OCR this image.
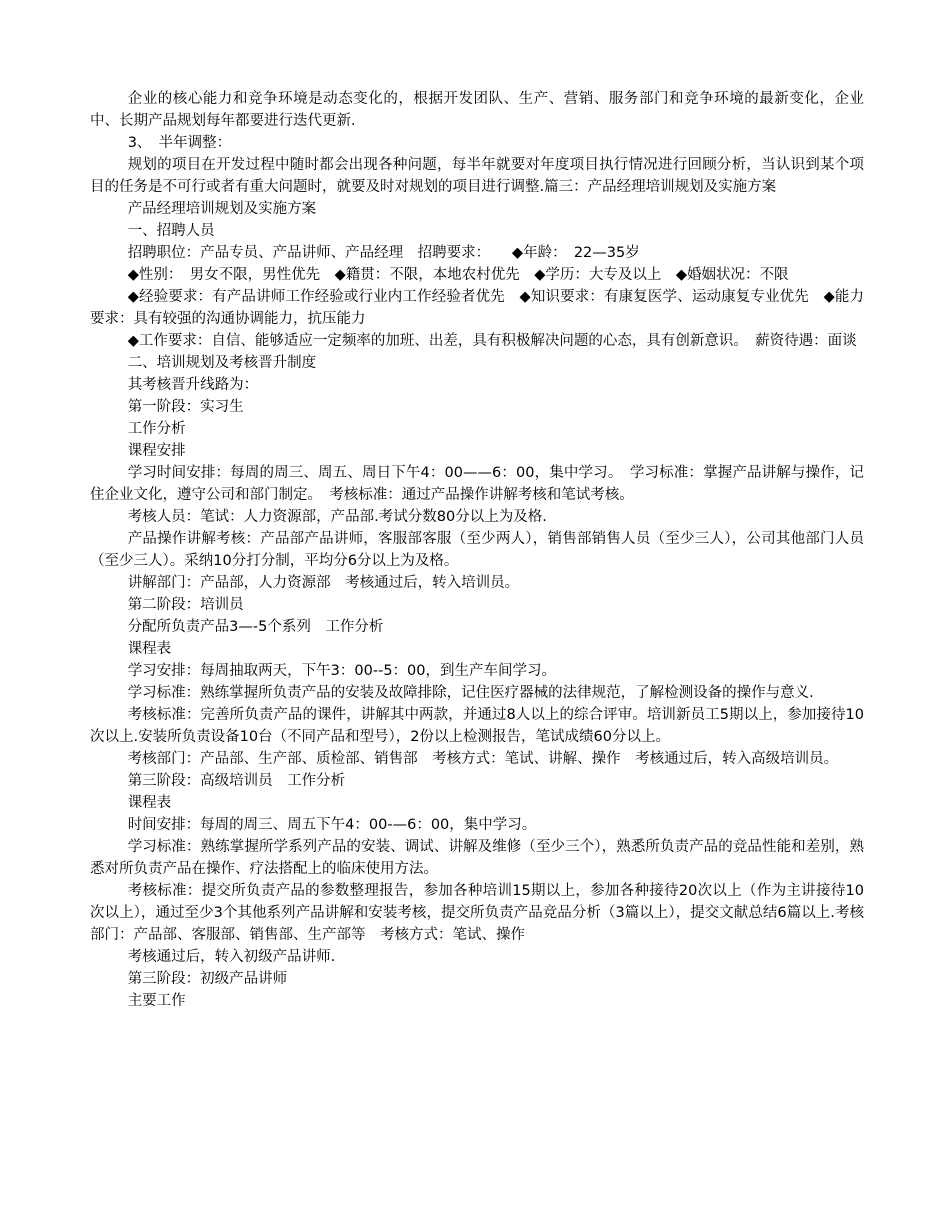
企业的核心能力和竞争环境是动态变化的，根据开发团队、生产、营销、服务部门和竞争环境的最新变化，企业中、长期产品规划每年都要进行迭代更新.

3、　半年调整：

规划的项目在开发过程中随时都会出现各种问题，每半年就要对年度项目执行情况进行回顾分析，当认识到某个项目的任务是不可行或者有重大问题时，就要及时对规划的项目进行调整.篇三：产品经理培训规划及实施方案

产品经理培训规划及实施方案

一、招聘人员

招聘职位：产品专员、产品讲师、产品经理　招聘要求：　　◆年龄：　22—35岁

◆性别：　男女不限，男性优先　◆籍贯：不限，本地农村优先　◆学历：大专及以上　◆婚姻状况：不限

◆经验要求：有产品讲师工作经验或行业内工作经验者优先　◆知识要求：有康复医学、运动康复专业优先　◆能力要求：具有较强的沟通协调能力，抗压能力

◆工作要求：自信、能够适应一定频率的加班、出差，具有积极解决问题的心态，具有创新意识。　薪资待遇：面谈

二、培训规划及考核晋升制度

其考核晋升线路为：

第一阶段：实习生

工作分析

课程安排

学习时间安排：每周的周三、周五、周日下午4：00——6：00，集中学习。　学习标准：掌握产品讲解与操作，记住企业文化，遵守公司和部门制定。　考核标准：通过产品操作讲解考核和笔试考核。

考核人员：笔试：人力资源部，产品部.考试分数80分以上为及格.

产品操作讲解考核：产品部产品讲师，客服部客服（至少两人），销售部销售人员（至少三人），公司其他部门人员（至少三人）。采纳10分打分制，平均分6分以上为及格。

讲解部门：产品部，人力资源部　考核通过后，转入培训员。

第二阶段：培训员

分配所负责产品3—-5个系列　工作分析

课程表

学习安排：每周抽取两天，下午3：00--5：00，到生产车间学习。

学习标准：熟练掌握所负责产品的安装及故障排除，记住医疗器械的法律规范，了解检测设备的操作与意义.

考核标准：完善所负责产品的课件，讲解其中两款，并通过8人以上的综合评审。培训新员工5期以上，参加接待10次以上.安装所负责设备10台（不同产品和型号），2份以上检测报告，笔试成绩60分以上。

考核部门：产品部、生产部、质检部、销售部　考核方式：笔试、讲解、操作　考核通过后，转入高级培训员。

第三阶段：高级培训员　工作分析

课程表

时间安排：每周的周三、周五下午4：00-—6：00，集中学习。

学习标准：熟练掌握所学系列产品的安装、调试、讲解及维修（至少三个），熟悉所负责产品的竞品性能和差别，熟悉对所负责产品在操作、疗法搭配上的临床使用方法。

考核标准：提交所负责产品的参数整理报告，参加各种培训15期以上，参加各种接待20次以上（作为主讲接待10次以上），通过至少3个其他系列产品讲解和安装考核，提交所负责产品竞品分析（3篇以上），提交文献总结6篇以上.考核部门：产品部、客服部、销售部、生产部等　考核方式：笔试、操作

考核通过后，转入初级产品讲师.

第三阶段：初级产品讲师

主要工作
